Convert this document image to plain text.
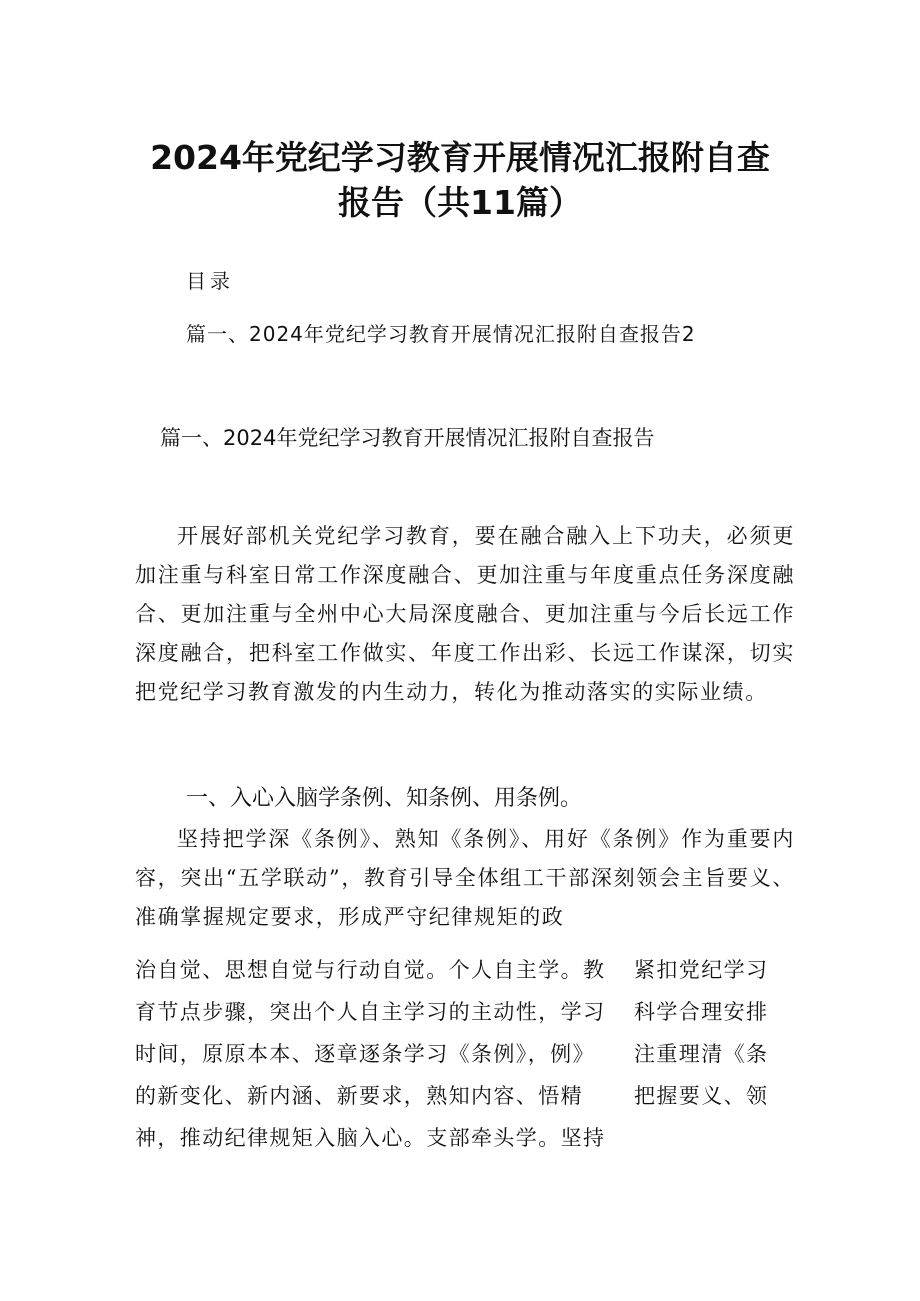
2024年党纪学习教育开展情况汇报附自查
报告（共11篇）
目录
篇一、2024年党纪学习教育开展情况汇报附自查报告2
篇一、2024年党纪学习教育开展情况汇报附自查报告
开展好部机关党纪学习教育，要在融合融入上下功夫，必须更加注重与科室日常工作深度融合、更加注重与年度重点任务深度融合、更加注重与全州中心大局深度融合、更加注重与今后长远工作深度融合，把科室工作做实、年度工作出彩、长远工作谋深，切实把党纪学习教育激发的内生动力，转化为推动落实的实际业绩。
一、入心入脑学条例、知条例、用条例。
坚持把学深《条例》、熟知《条例》、用好《条例》作为重要内容，突出“五学联动”，教育引导全体组工干部深刻领会主旨要义、准确掌握规定要求，形成严守纪律规矩的政
治自觉、思想自觉与行动自觉。个人自主学。教
育节点步骤，突出个人自主学习的主动性，学习
时间，原原本本、逐章逐条学习《条例》，例》
的新变化、新内涵、新要求，熟知内容、悟精
神，推动纪律规矩入脑入心。支部牵头学。坚持
紧扣党纪学习
科学合理安排
注重理清《条
把握要义、领
